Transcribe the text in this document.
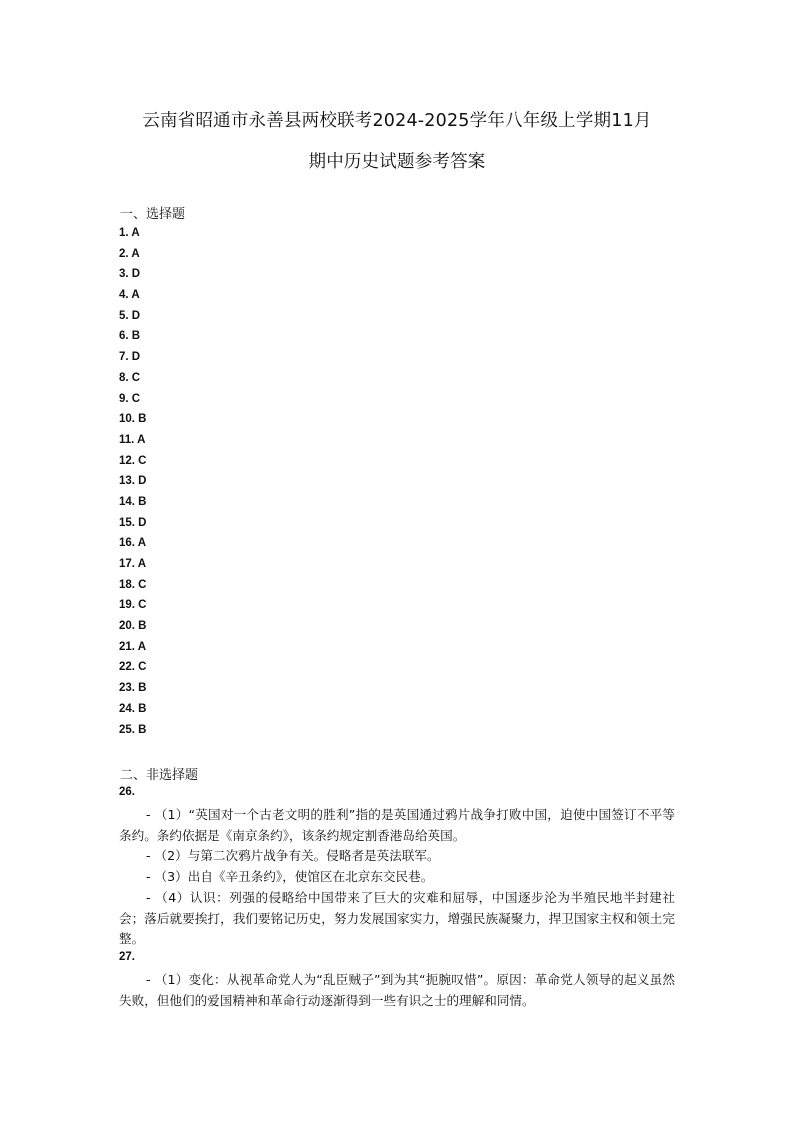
云南省昭通市永善县两校联考2024-2025学年八年级上学期11月
期中历史试题参考答案
一、选择题
1. A
2. A
3. D
4. A
5. D
6. B
7. D
8. C
9. C
10. B
11. A
12. C
13. D
14. B
15. D
16. A
17. A
18. C
19. C
20. B
21. A
22. C
23. B
24. B
25. B
二、非选择题
26.
- （1）“英国对一个古老文明的胜利”指的是英国通过鸦片战争打败中国，迫使中国签订不平等条约。条约依据是《南京条约》，该条约规定割香港岛给英国。
- （2）与第二次鸦片战争有关。侵略者是英法联军。
- （3）出自《辛丑条约》，使馆区在北京东交民巷。
- （4）认识：列强的侵略给中国带来了巨大的灾难和屈辱，中国逐步沦为半殖民地半封建社会；落后就要挨打，我们要铭记历史，努力发展国家实力，增强民族凝聚力，捍卫国家主权和领土完整。
27.
- （1）变化：从视革命党人为“乱臣贼子”到为其“扼腕叹惜”。原因：革命党人领导的起义虽然失败，但他们的爱国精神和革命行动逐渐得到一些有识之士的理解和同情。
